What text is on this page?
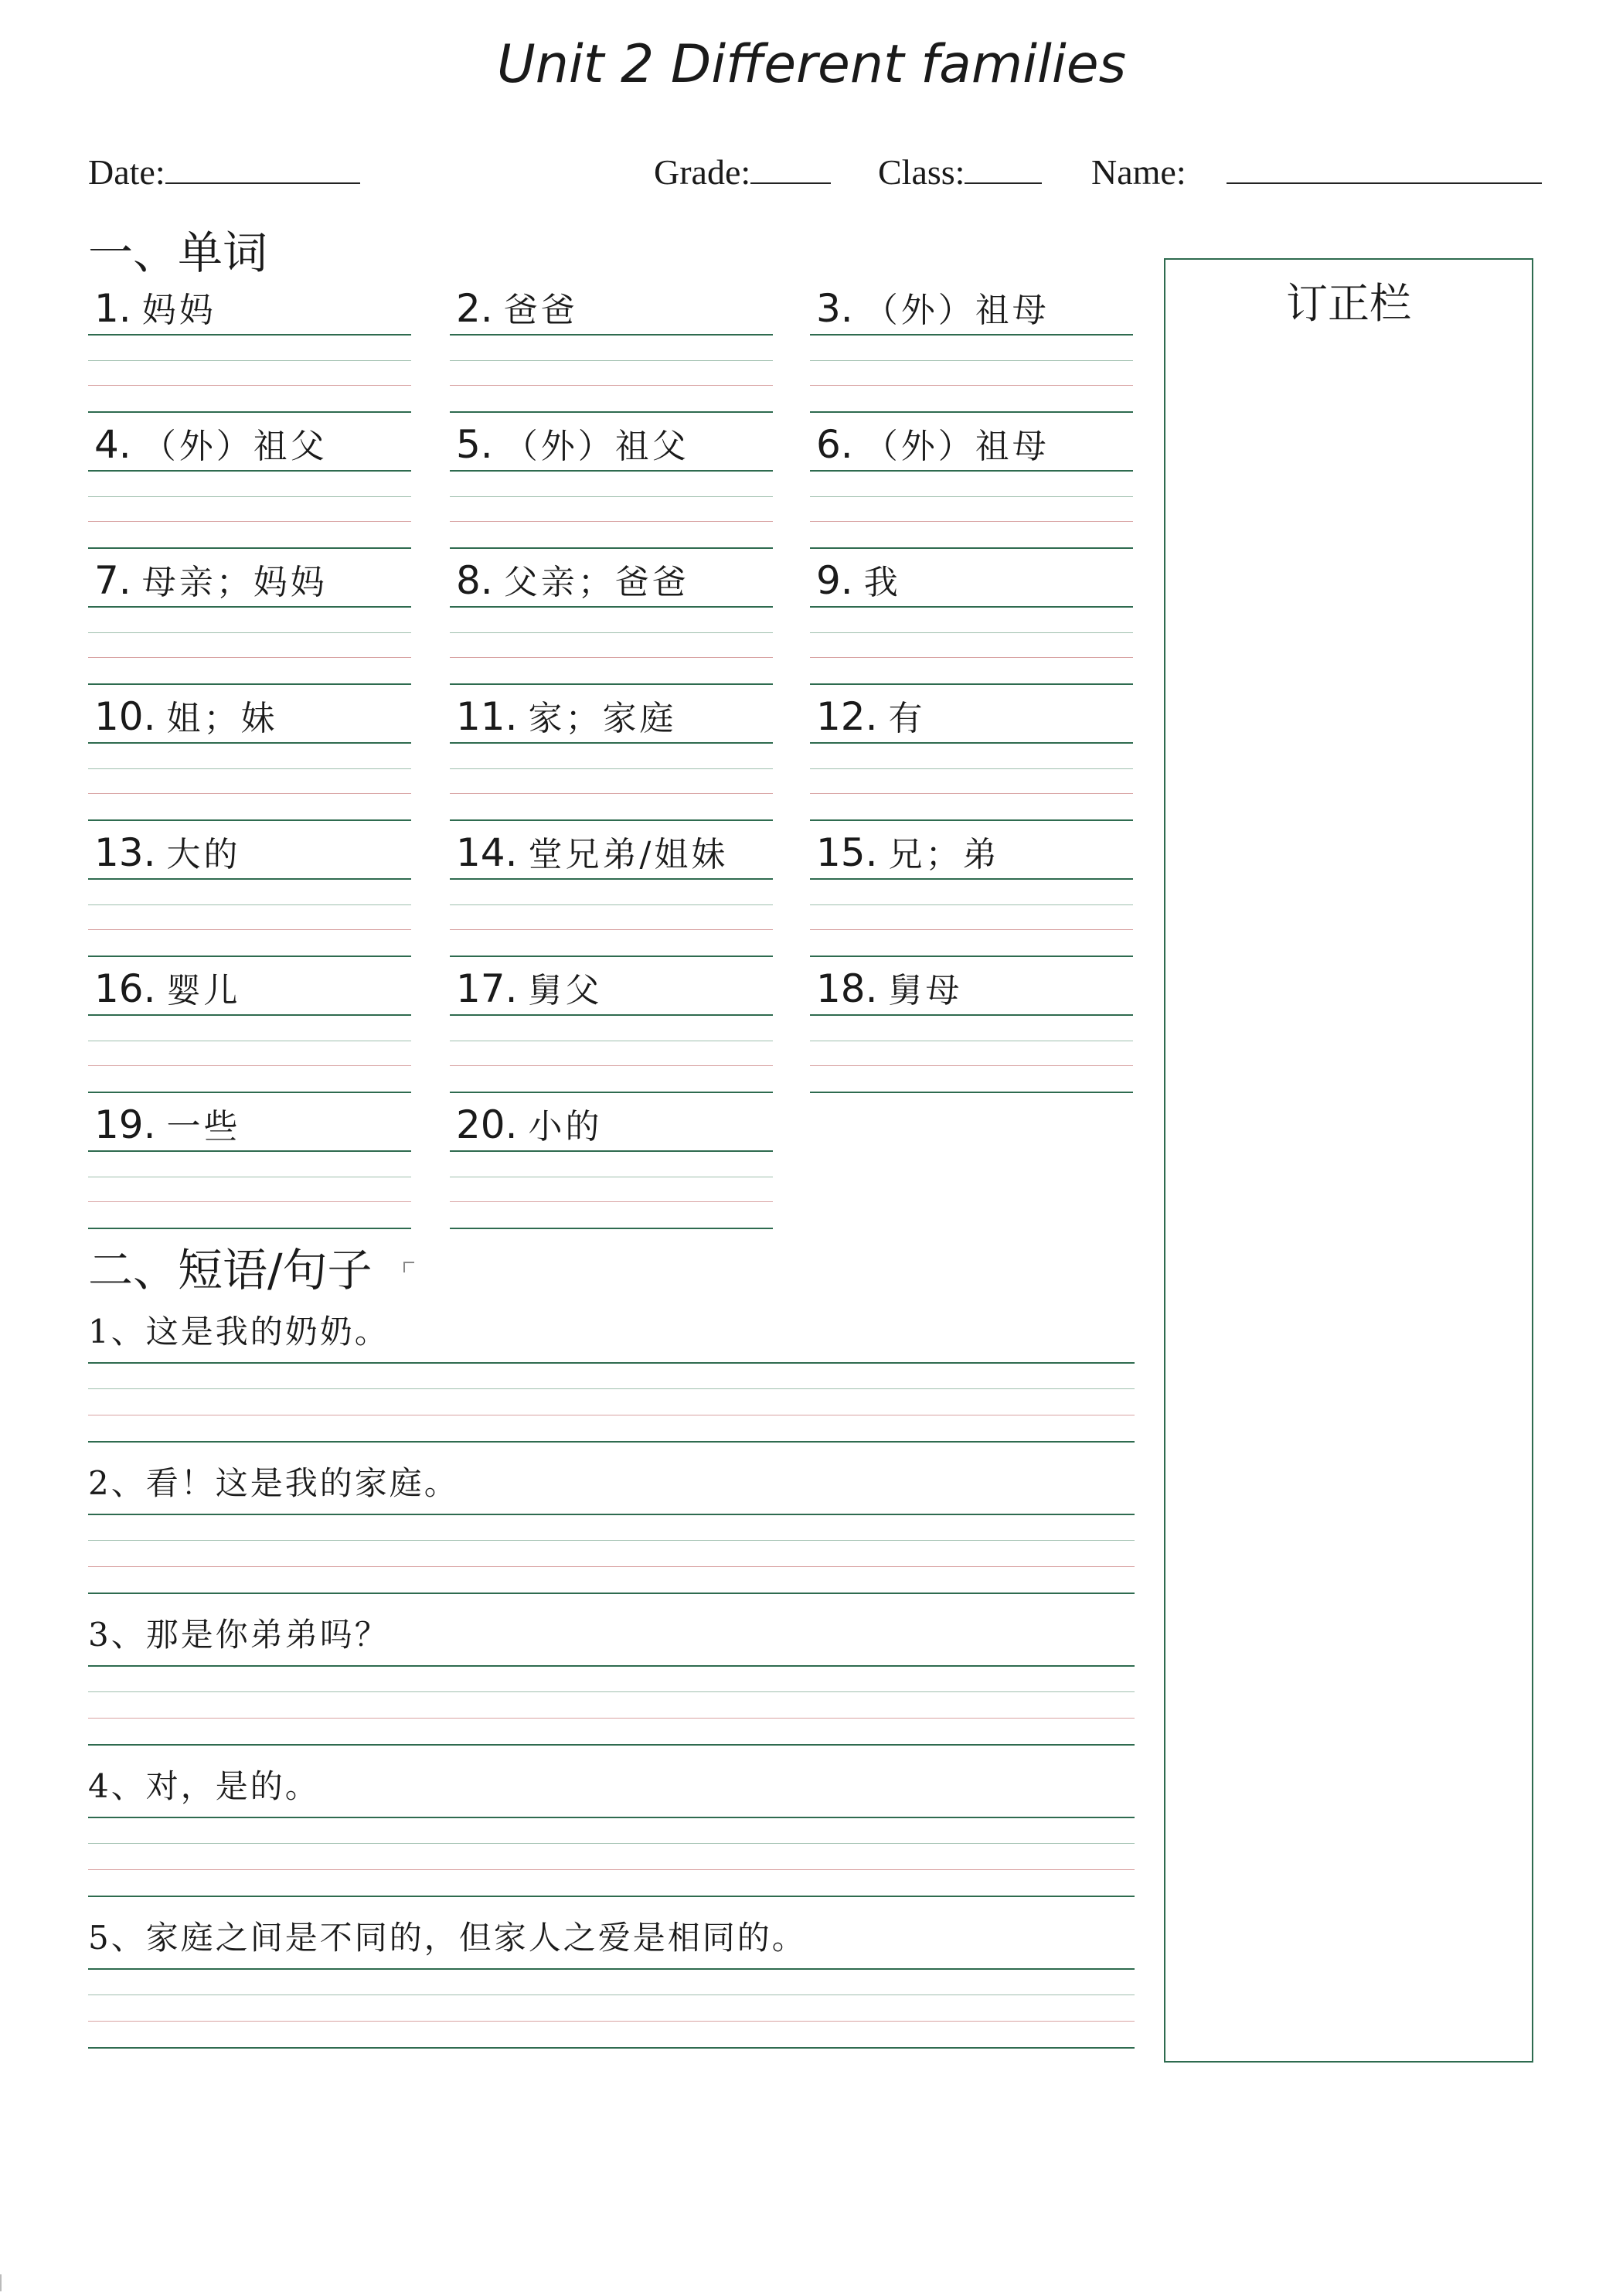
Unit 2 Different families
Date:	Grade:	Class:	Name:
一、单词
1. 妈妈	2. 爸爸	3. （外）祖母
4. （外）祖父	5. （外）祖父	6. （外）祖母
7. 母亲；妈妈	8. 父亲；爸爸	9. 我
10. 姐；妹	11. 家；家庭	12. 有
13. 大的	14. 堂兄弟/姐妹 15. 兄；弟
16. 婴儿	17. 舅父	18. 舅母
19. 一些	20. 小的
订正栏
二、短语/句子
1、这是我的奶奶。
2、看！这是我的家庭。
3、那是你弟弟吗？
4、对，是的。
5、家庭之间是不同的，但家人之爱是相同的。
